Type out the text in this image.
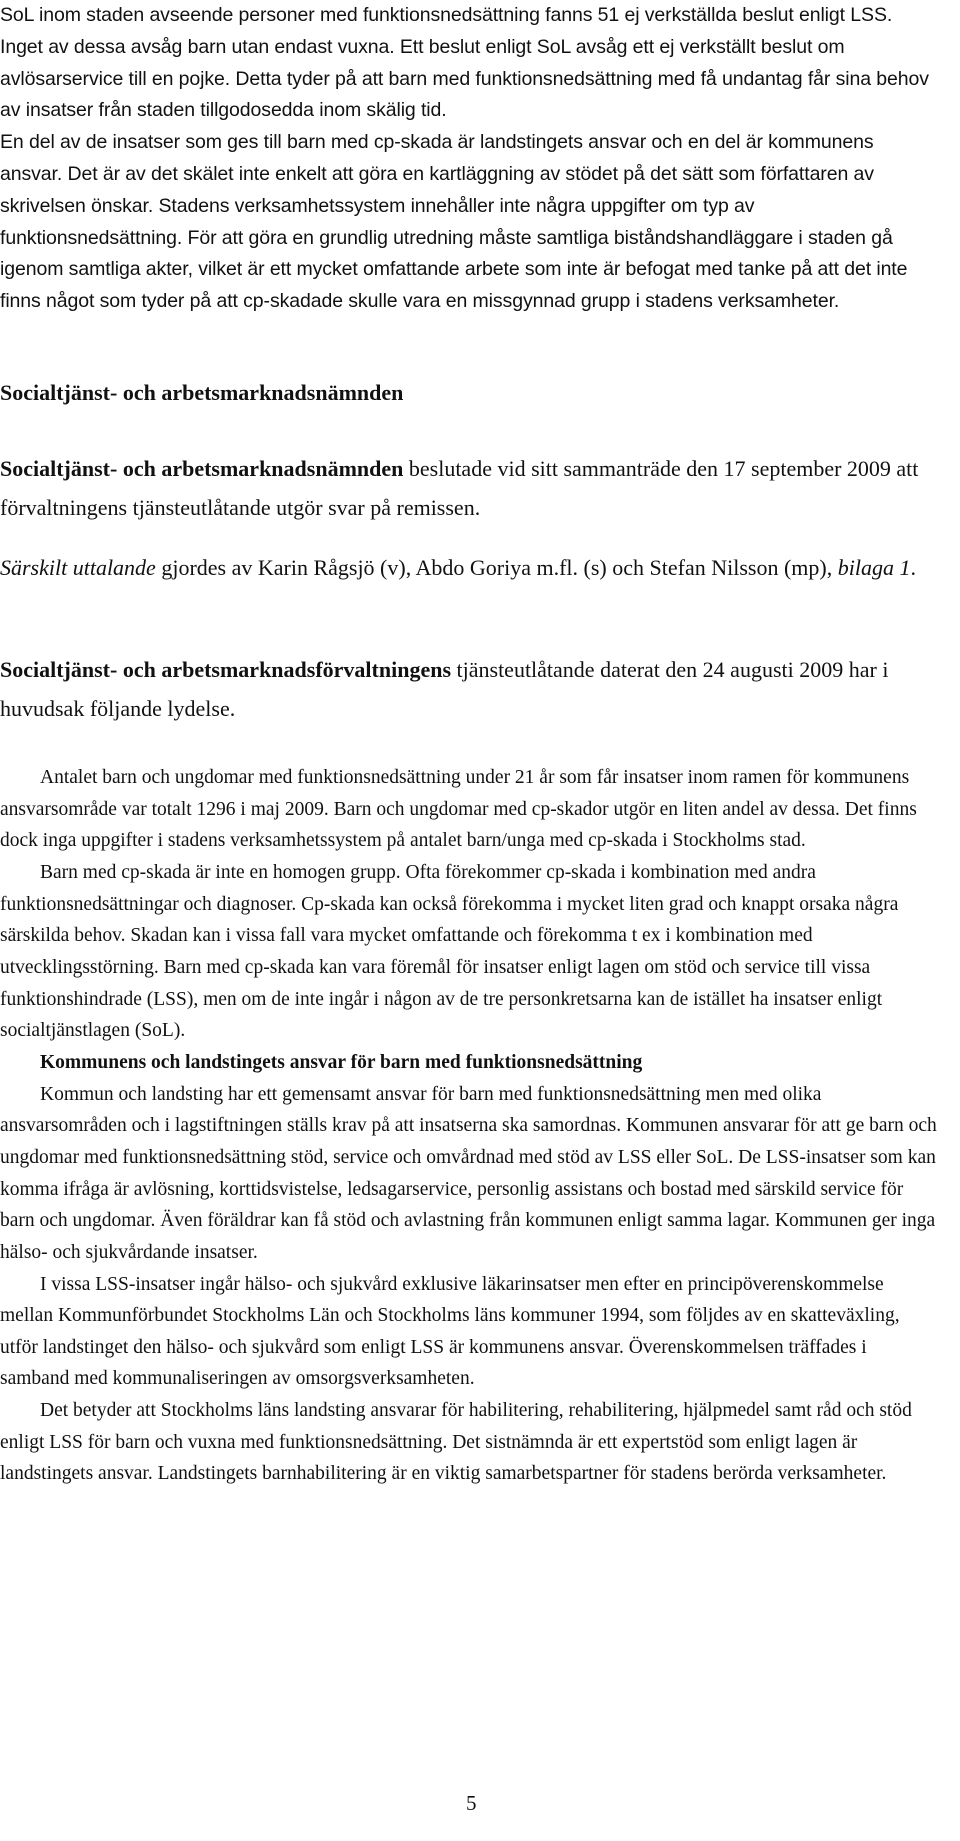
SoL inom staden avseende personer med funktionsnedsättning fanns 51 ej verkställda beslut enligt LSS. Inget av dessa avsåg barn utan endast vuxna. Ett beslut enligt SoL avsåg ett ej verkställt beslut om avlösarservice till en pojke. Detta tyder på att barn med funktionsnedsättning med få undantag får sina behov av insatser från staden tillgodosedda inom skälig tid.

En del av de insatser som ges till barn med cp-skada är landstingets ansvar och en del är kommunens ansvar. Det är av det skälet inte enkelt att göra en kartläggning av stödet på det sätt som författaren av skrivelsen önskar. Stadens verksamhetssystem innehåller inte några uppgifter om typ av funktionsnedsättning. För att göra en grundlig utredning måste samtliga biståndshandläggare i staden gå igenom samtliga akter, vilket är ett mycket omfattande arbete som inte är befogat med tanke på att det inte finns något som tyder på att cp-skadade skulle vara en missgynnad grupp i stadens verksamheter.

Socialtjänst- och arbetsmarknadsnämnden

Socialtjänst- och arbetsmarknadsnämnden beslutade vid sitt sammanträde den 17 september 2009 att förvaltningens tjänsteutlåtande utgör svar på remissen.

Särskilt uttalande gjordes av Karin Rågsjö (v), Abdo Goriya m.fl. (s) och Stefan Nilsson (mp), bilaga 1.

Socialtjänst- och arbetsmarknadsförvaltningens tjänsteutlåtande daterat den 24 augusti 2009 har i huvudsak följande lydelse.

Antalet barn och ungdomar med funktionsnedsättning under 21 år som får insatser inom ramen för kommunens ansvarsområde var totalt 1296 i maj 2009. Barn och ungdomar med cp-skador utgör en liten andel av dessa. Det finns dock inga uppgifter i stadens verksamhetssystem på antalet barn/unga med cp-skada i Stockholms stad.

Barn med cp-skada är inte en homogen grupp. Ofta förekommer cp-skada i kombination med andra funktionsnedsättningar och diagnoser. Cp-skada kan också förekomma i mycket liten grad och knappt orsaka några särskilda behov. Skadan kan i vissa fall vara mycket omfattande och förekomma t ex i kombination med utvecklingsstörning. Barn med cp-skada kan vara föremål för insatser enligt lagen om stöd och service till vissa funktionshindrade (LSS), men om de inte ingår i någon av de tre personkretsarna kan de istället ha insatser enligt socialtjänstlagen (SoL).

Kommunens och landstingets ansvar för barn med funktionsnedsättning

Kommun och landsting har ett gemensamt ansvar för barn med funktionsnedsättning men med olika ansvarsområden och i lagstiftningen ställs krav på att insatserna ska samordnas. Kommunen ansvarar för att ge barn och ungdomar med funktionsnedsättning stöd, service och omvårdnad med stöd av LSS eller SoL. De LSS-insatser som kan komma ifråga är avlösning, korttidsvistelse, ledsagarservice, personlig assistans och bostad med särskild service för barn och ungdomar. Även föräldrar kan få stöd och avlastning från kommunen enligt samma lagar. Kommunen ger inga hälso- och sjukvårdande insatser.

I vissa LSS-insatser ingår hälso- och sjukvård exklusive läkarinsatser men efter en principöverenskommelse mellan Kommunförbundet Stockholms Län och Stockholms läns kommuner 1994, som följdes av en skatteväxling, utför landstinget den hälso- och sjukvård som enligt LSS är kommunens ansvar. Överenskommelsen träffades i samband med kommunaliseringen av omsorgsverksamheten.

Det betyder att Stockholms läns landsting ansvarar för habilitering, rehabilitering, hjälpmedel samt råd och stöd enligt LSS för barn och vuxna med funktionsnedsättning. Det sistnämnda är ett expertstöd som enligt lagen är landstingets ansvar. Landstingets barnhabilitering är en viktig samarbetspartner för stadens berörda verksamheter.

5
